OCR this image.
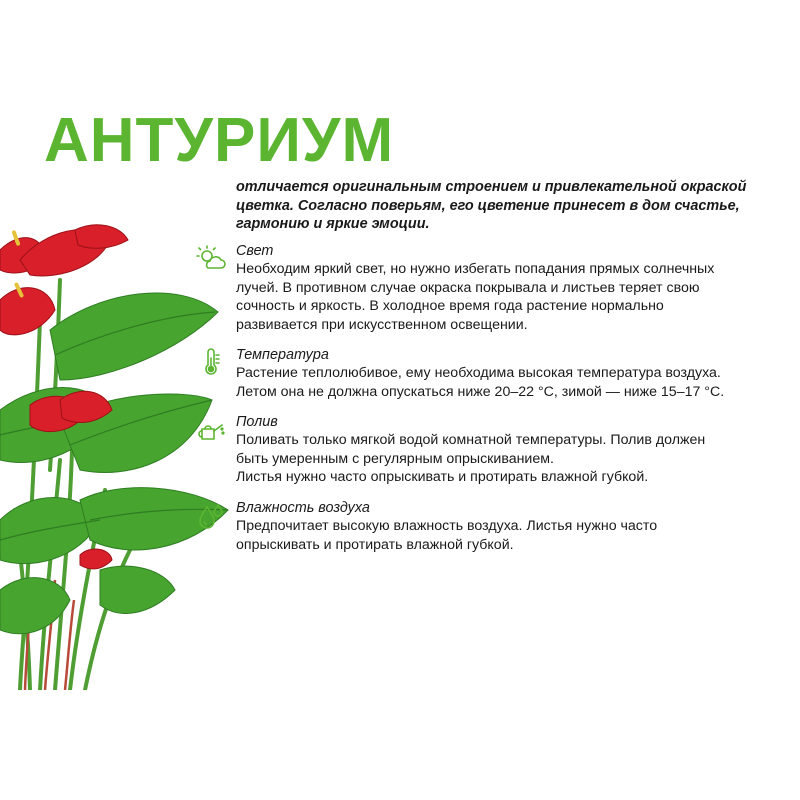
АНТУРИУМ

отличается оригинальным строением и привлекательной окраской цветка. Согласно поверьям, его цветение принесет в дом счастье, гармонию и яркие эмоции.

Свет

Необходим яркий свет, но нужно избегать попадания прямых солнечных
лучей. В противном случае окраска покрывала и листьев теряет свою
сочность и яркость. В холодное время года растение нормально
развивается при искусственном освещении.

Температура

Растение теплолюбивое, ему необходима высокая температура воздуха.
Летом она не должна опускаться ниже 20–22 °C, зимой — ниже 15–17 °C.

Полив

Поливать только мягкой водой комнатной температуры. Полив должен
быть умеренным с регулярным опрыскиванием.
Листья нужно часто опрыскивать и протирать влажной губкой.

Влажность воздуха

Предпочитает высокую влажность воздуха. Листья нужно часто
опрыскивать и протирать влажной губкой.
